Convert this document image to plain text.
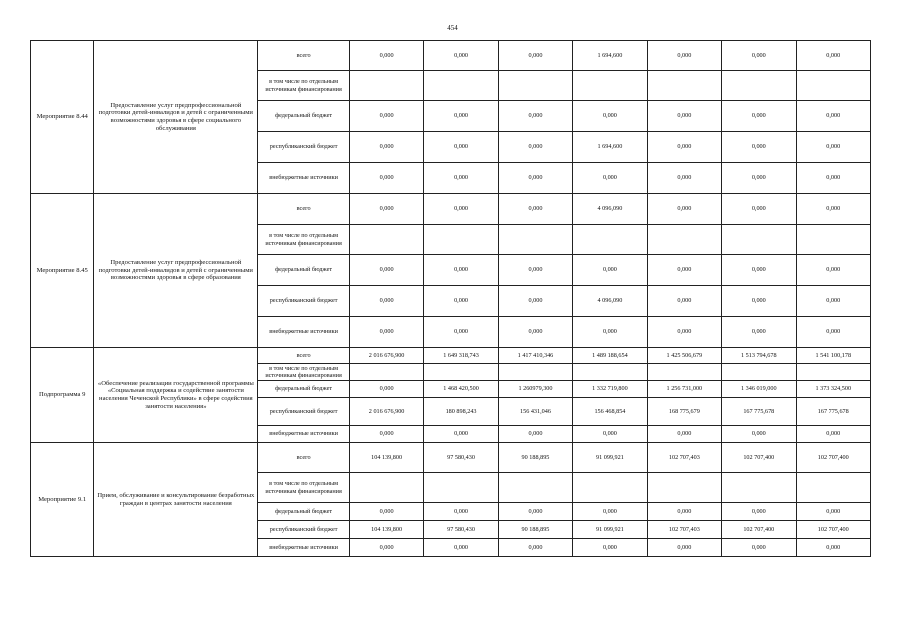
454
Мероприятие 8.44	Предоставление услуг предпрофессиональной подготовки детей-инвалидов и детей с ограниченными возможностями здоровья в сфере социального обслуживания	всего	0,000	0,000	0,000	1 694,600	0,000	0,000	0,000
		в том числе по отдельным источникам финансирования							
		федеральный бюджет	0,000	0,000	0,000	0,000	0,000	0,000	0,000
		республиканский бюджет	0,000	0,000	0,000	1 694,600	0,000	0,000	0,000
		внебюджетные источники	0,000	0,000	0,000	0,000	0,000	0,000	0,000
Мероприятие 8.45	Предоставление услуг предпрофессиональной подготовки детей-инвалидов и детей с ограниченными возможностями здоровья в сфере образования	всего	0,000	0,000	0,000	4 096,090	0,000	0,000	0,000
		в том числе по отдельным источникам финансирования							
		федеральный бюджет	0,000	0,000	0,000	0,000	0,000	0,000	0,000
		республиканский бюджет	0,000	0,000	0,000	4 096,090	0,000	0,000	0,000
		внебюджетные источники	0,000	0,000	0,000	0,000	0,000	0,000	0,000
Подпрограмма 9	«Обеспечение реализации государственной программы «Социальная поддержка и содействие занятости населения Чеченской Республики» в сфере содействия занятости населения»	всего	2 016 676,900	1 649 318,743	1 417 410,346	1 489 188,654	1 425 506,679	1 513 794,678	1 541 100,178
		в том числе по отдельным источникам финансирования							
		федеральный бюджет	0,000	1 468 420,500	1 260979,300	1 332 719,800	1 256 731,000	1 346 019,000	1 373 324,500
		республиканский бюджет	2 016 676,900	180 898,243	156 431,046	156 468,854	168 775,679	167 775,678	167 775,678
		внебюджетные источники	0,000	0,000	0,000	0,000	0,000	0,000	0,000
Мероприятие 9.1	Прием, обслуживание и консультирование безработных граждан в центрах занятости населения	всего	104 139,800	97 580,430	90 188,895	91 099,921	102 707,403	102 707,400	102 707,400
		в том числе по отдельным источникам финансирования							
		федеральный бюджет	0,000	0,000	0,000	0,000	0,000	0,000	0,000
		республиканский бюджет	104 139,800	97 580,430	90 188,895	91 099,921	102 707,403	102 707,400	102 707,400
		внебюджетные источники	0,000	0,000	0,000	0,000	0,000	0,000	0,000
